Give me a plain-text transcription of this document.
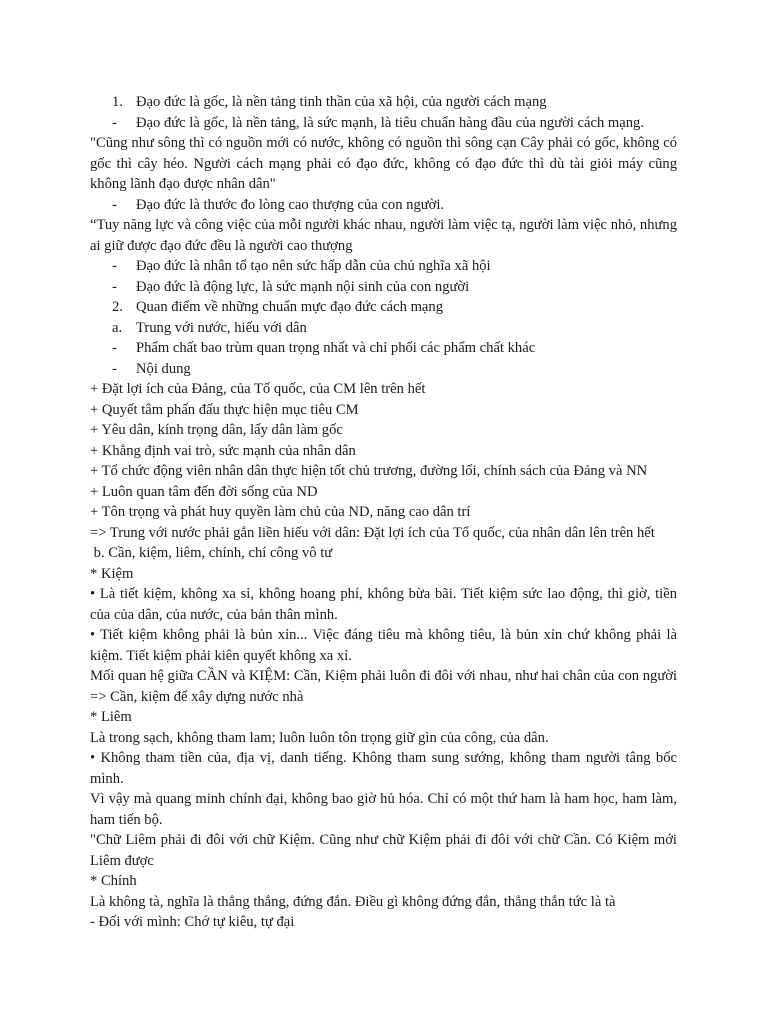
1. Đạo đức là gốc, là nền tảng tinh thần của xã hội, của người cách mạng
- Đạo đức là gốc, là nền tảng, là sức mạnh, là tiêu chuẩn hàng đầu của người cách mạng.
"Cũng như sông thì có nguồn mới có nước, không có nguồn thì sông cạn Cây phải có gốc, không có gốc thì cây héo. Người cách mạng phải có đạo đức, không có đạo đức thì dù tài giỏi máy cũng không lãnh đạo được nhân dân"
- Đạo đức là thước đo lòng cao thượng của con người.
“Tuy năng lực và công việc của mỗi người khác nhau, người làm việc tạ, người làm việc nhỏ, nhưng ai giữ được đạo đức đều là người cao thượng
- Đạo đức là nhân tố tạo nên sức hấp dẫn của chủ nghĩa xã hội
- Đạo đức là động lực, là sức mạnh nội sinh của con người
2. Quan điểm về những chuẩn mực đạo đức cách mạng
a. Trung với nước, hiếu với dân
- Phẩm chất bao trùm quan trọng nhất và chỉ phối các phẩm chất khác
- Nội dung
+ Đặt lợi ích của Đảng, của Tổ quốc, của CM lên trên hết
+ Quyết tâm phấn đấu thực hiện mục tiêu CM
+ Yêu dân, kính trọng dân, lấy dân làm gốc
+ Khẳng định vai trò, sức mạnh của nhân dân
+ Tổ chức động viên nhân dân thực hiện tốt chủ trương, đường lối, chính sách của Đảng và NN
+ Luôn quan tâm đến đời sống của ND
+ Tôn trọng và phát huy quyền làm chủ của ND, năng cao dân trí
=> Trung với nước phải gắn liền hiếu với dân: Đặt lợi ích của Tổ quốc, của nhân dân lên trên hết
b. Cần, kiệm, liêm, chính, chí công vô tư
* Kiệm
• Là tiết kiệm, không xa sỉ, không hoang phí, không bừa bãi. Tiết kiệm sức lao động, thì giờ, tiền của của dân, của nước, của bản thân mình.
• Tiết kiệm không phải là bủn xỉn... Việc đáng tiêu mà không tiêu, là bủn xỉn chứ không phải là kiệm. Tiết kiệm phải kiên quyết không xa xỉ.
Mối quan hệ giữa CẦN và KIỆM: Cần, Kiệm phải luôn đi đôi với nhau, như hai chân của con người => Cần, kiệm để xây dựng nước nhà
* Liêm
Là trong sạch, không tham lam; luôn luôn tôn trọng giữ gìn của công, của dân.
• Không tham tiền của, địa vị, danh tiếng. Không tham sung sướng, không tham người tâng bốc mình.
Vì vậy mà quang minh chính đại, không bao giờ hủ hóa. Chỉ có một thứ ham là ham học, ham làm, ham tiến bộ.
"Chữ Liêm phải đi đôi với chữ Kiệm. Cũng như chữ Kiệm phải đi đôi với chữ Cần. Có Kiệm mới Liêm được
* Chính
Là không tà, nghĩa là thẳng thắng, đứng đắn. Điều gì không đứng đắn, thẳng thắn tức là tà
- Đối với mình: Chớ tự kiêu, tự đại
